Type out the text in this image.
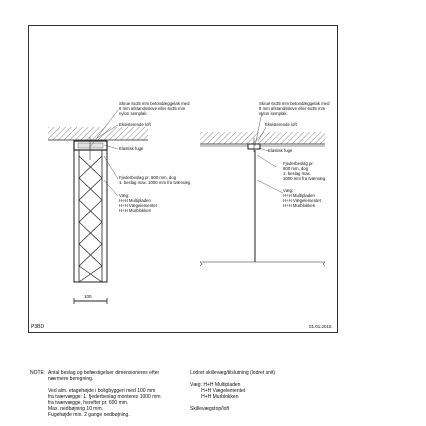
Skrue 6x35 mm betondæggelak med
8 mm afstandsskive eller 6x35 mm
nylon semplak.
Eksisterende loft
Elastisk fuge
Fjederbeslag pr. 600 mm, dog
1. beslag max. 1000 mm fra tværvæg
Væg:
H+H Multipladen
H+H Vægelementet
H+H Murblokken
Skrue 6x35 mm betondæggelak med
8 mm afstandsskive eller 6x35 mm
nylon semplak.
Eksisterende loft
Elastisk fuge
Fjederbeslag pr.
600 mm, dog
1. beslag max.
1000 mm fra tværvæg
Væg:
H+H Multipladen
H+H Vægelementet
H+H Murblokken
100
P3BD	01.01.2015
NOTE: Antal beslag og befæstigelser dimensioneres efter
nærmere beregning.

Ved alm. etagehøjde i boligbyggeri med 100 mm
fra tværvægge: 1. fjederbeslag monteres 1000 mm
fra tværvægge, herefter pr. 600 mm.
Max. nedbøjning 10 mm.
Fugehøjde min. 2 gange nedbøjning.
Lodret skillevæg/tilslutning (lodret snit)

Væg: H+H Multipladen
H+H Vægelementet
H+H Murblokken

Skillevægstop/loft
